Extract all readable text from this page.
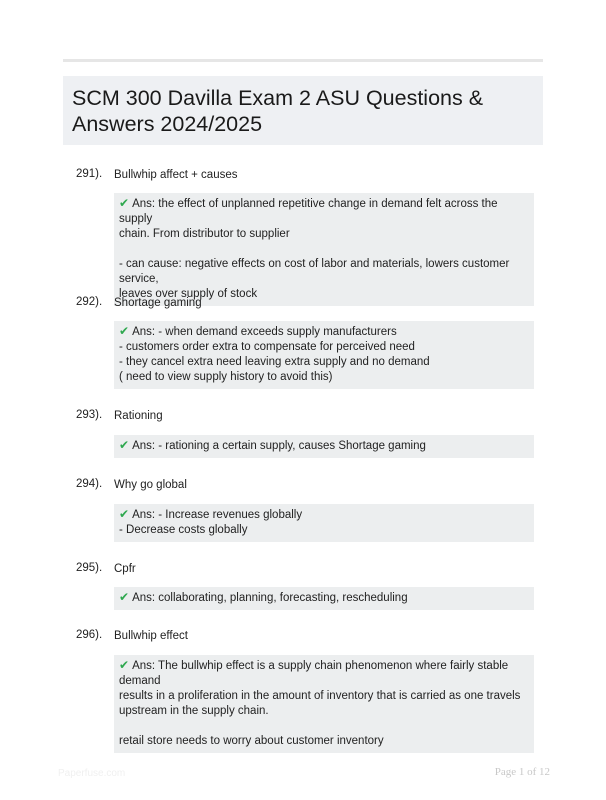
SCM 300 Davilla Exam 2 ASU Questions & Answers 2024/2025
291). Bullwhip affect + causes

✔ Ans: the effect of unplanned repetitive change in demand felt across the supply

chain. From distributor to supplier

- can cause: negative effects on cost of labor and materials, lowers customer service,

leaves over supply of stock

292). Shortage gaming

✔ Ans: - when demand exceeds supply manufacturers

- customers order extra to compensate for perceived need

- they cancel extra need leaving extra supply and no demand

( need to view supply history to avoid this)

293). Rationing

✔ Ans: - rationing a certain supply, causes Shortage gaming

294). Why go global

✔ Ans: - Increase revenues globally

- Decrease costs globally

295). Cpfr

✔ Ans: collaborating, planning, forecasting, rescheduling

296). Bullwhip effect

✔ Ans: The bullwhip effect is a supply chain phenomenon where fairly stable demand

results in a proliferation in the amount of inventory that is carried as one travels

upstream in the supply chain.

retail store needs to worry about customer inventory

Paperfuse.com	Page 1 of 12
